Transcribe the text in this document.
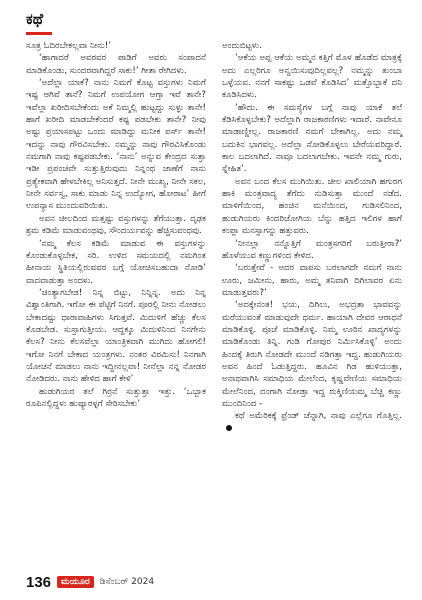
ಕಥೆ

ಸೂತ್ರ ಓದಿರಬೇಕಲ್ಲವಾ ನೀನು!’

‘ಹಾಗಾದರೆ ಅವರವರ ಪಾಡಿಗೆ ಅವರು ಸಂಪಾದನೆ ಮಾಡಿಕೊಂಡು, ಸುಂದರವಾಗಿದ್ದರೆ ಸಾಕು!’ ಗೀತಾ ರೇಗಿದಳು.

‘ಅದೆಲ್ಲಾ ಯಾಕೆ? ನಾನು ನಿಮಗೆ ಕೊಟ್ಟ ವಸ್ತುಗಳು ನಿಮಗೆ ಇಷ್ಟ ಆಗಿವೆ ತಾನೆ? ನಿಮಗೆ ಉಪಯೋಗ ಆಗ್ತಾ ಇವೆ ತಾನೇ? ಇವೆಲ್ಲಾ ಖರೀದಿಸಬೇಕೆಂದು ಅಕೆ ನಿಮ್ಮಲ್ಲಿ ಹುಟ್ಟದ್ದು ಸುಳ್ಳು ತಾನೇ! ಹಾಗೆ ಖರೀದಿ ಮಾಡಬೇಕೆಂದರೆ ಕಷ್ಟ ಪಡಬೇಕು ತಾನೇ? ನೀವು ಅಷ್ಟು ಪ್ರಯಾಸಪಟ್ಟು ಒಂದು ಮಾಡಿದ್ದು ಮನೀಕ ಪರ್ಸ್ ತಾನೇ! ಇದನ್ನು ನಾವು ಗೌರವಿಸಬೇಕು. ನಮ್ಮನ್ನು ನಾವು ಗೌರವಿಸಿಕೊಂಡು ನಮಗಾಗಿ ನಾವು ಕಷ್ಟಪಡಬೇಕು. ‘ನಾನು’ ಅನ್ನುವ ಕೇಂದ್ರದ ಸುತ್ತಾ ಇಡೀ ಪ್ರಪಂಚವೇ ಸುತ್ತುತ್ತಿರುವುದು ನಿನ್ನಂಥ ಜಾಣೆಗೆ ನಾನು ಪ್ರತ್ಯೇಕವಾಗಿ ಹೇಳಬೇಕಿಲ್ಲ ಅನಿಸುತ್ತದೆ. ನೀನೇ ಮುಖ್ಯ, ನೀನೇ ಸಕಲ, ನೀನೇ ಸರ್ವಸ್ವ, ಸಾಕು ಮಾಡು ನಿನ್ನ ಉದ್ಯೋಗ, ಹೋರಾಟ’ ಹೀಗೆ ಉಪನ್ಯಾಸ ಮುಂದುವರಿಯಿತು.

ಅವನ ಚೀಲದಿಂದ ಮತ್ತಷ್ಟು ವಸ್ತುಗಳನ್ನು ತೆಗೆಯುತ್ತಾ. ದೃಢಕ ಶ್ರಮ ಕಡಿಮೆ ಮಾಡುವಂಥವು, ಸೌಂದರ್ಯವನ್ನು ಹೆಚ್ಚಿಸುವಂಥವು.

‘ನಮ್ಮ ಕೆಲಸ ಕಡಿಮೆ ಮಾಡುವ ಈ ವಸ್ತುಗಳನ್ನು ಕೊಂಡುಕೊಳ್ಳಬೇಕ, ಸರಿ. ಉಳಿದ ಸಮಯದಲ್ಲಿ ನಮಗಿಂತ ಹೀನಾಯ ಸ್ಥಿತಿಯಲ್ಲಿರುವವರ ಬಗ್ಗೆ ಯೋಚಿಸಬಹುದಾ ನೋಡಿ’ ವಾದವಾಡುತ್ತಾ ಅಂದಳು.

‘ಚಿಂತ್ಯಾಗಬೇಡ! ನಿನ್ನ ಬಿಟ್ಟು, ನಿನ್ನಿನ್ನ. ಅದು ನಿನ್ನ ವಿಶ್ವಾಂತಿಗಾಗಿ. ಇಗೋ ಈ ಪೆಟ್ಟಿಗೆ ನಿನಗೆ. ಪೂರಲ್ಲಿ ನೀನು ನೋಡಲು ಬೇಕಾದಷ್ಟು ಧಾರಾವಾಹಿಗಳು ಸಿಗುತ್ತವೆ. ಮಿದುಳಿಗೆ ಹೆಚ್ಚು ಕೆಲಸ ಕೊಡಬೇಡ. ಸುಸ್ತಾಗುತ್ತೀಯ. ಆದ್ದಕ್ಕೂ ಮಿದುಳಿನಿಂದ ನಿನಗೇನು ಕೆಲಸ? ನೀನು ಕೆಲಸವೆಲ್ಲಾ ಯಾಂತ್ರಿಕವಾಗಿ ಮುಗಿದು ಹೋಗಲಿ! ಇಗೋ ನಿನಗೆ ಬೇಕಾದ ಯಂತ್ರಗಳು. ನಂತರ ವಿರಮಿಸು! ನಿನಗಾಗಿ ಯೋಚನೆ ಮಾಡಲು ನಾನು ಇದ್ದೀನಲ್ಲವಾ! ನೀನೆಲ್ಲಾ ನನ್ನ ನೋಡರ ನೋಡಿದರು. ನಾನು ಹೇಳಿದ ಹಾಗೆ ಕೇಳಿ’

ಹುಡುಗಿಯರ ತಲೆ ಗಿರ್ರನೆ ಸುತ್ತುತ್ತಾ ಇತ್ತು. ‘ಒಬ್ಬಾಕ ರೂಪಿನಲ್ಲಿದ್ದಳು ಹುಷ್ಯಾರಳ್ಳಗೆ ಸೇರಿಸಬೇಕು’

ಅಂದುಬಿಟ್ಟಳು.

‘ಆಕೆಯ ಅಪ್ಪ ಆಕೆಯ ಅಮ್ಮನ ಕತ್ತಿಗೆ ಮೊಳ ಹೊಡೆದ ಮಾತ್ರಕ್ಕೆ ಅದು ಎಲ್ಲರಿಗೂ ಅನ್ವಯಿಸುವುದಿಲ್ಲವಲ್ಲ? ನಮ್ಮನ್ನು ತುಂಬಾ ಒಳ್ಳೆಯವ. ನನಗೆ ಸಾಕಷ್ಟು ಒಡವೆ ಕೊಡಿಸಿದ’ ಮತ್ತೊಬ್ಬಾಕೆ ದನಿ ಕೂಡಿಸಿದಳು.

‘ಹೌದು. ಈ ಸಮಸ್ಯೆಗಳ ಬಗ್ಗೆ ನಾವು ಯಾಕೆ ತಲೆ ಕೆಡಿಸಿಕೊಳ್ಳಬೇಕು? ಅದೆಲ್ಲಾಗಿ ರಾಜಕಾರಣಿಗಳು ಇದಾರೆ. ನಾವೇನೂ ಮಾಡಾಣ್ಣೀಲ್ಲ. ರಾಜಕಾರಣಿ ನಮಗೆ ಬೇಕಾಗಿಲ್ಲ. ಅದು ನಮ್ಮ ಬದುಕಿನ ಭಾಗವಲ್ಲ. ಅದೆಲ್ಲಾ ನೋಡಿಕೊಳ್ಳಲು ಬೇರೆಯವರಿದ್ದಾರೆ. ಕಾಲ ಬದಲಾಗಿದೆ. ನಾವೂ ಬದಲಾಗಬೇಕು. ಇವನೇ ನಮ್ಮ ಗುರು, ಸ್ನೇಹಿತ’.

ಅವನ ಬಂದ ಕೆಲಸ ಮುಗಿಯಿತು. ಚೀಲ ಖಾಲಿಯಾಗಿ ಹಗುರಗ ಹಾಕಿ ಮಂತ್ರವಾದ್ಯ ತೆಗೆದು ನುಡಿಸುತ್ತಾ ಮುಂದೆ ನಡೆದ. ಮಾಳಿಗೆಯಿಂದ, ಹಂಚಿನ ಮನೆಯಿಂದ, ಗುಡಿಸಲಿನಿಂದ, ಹುಡುಗಿಯರು ಕಿಂದರಿಜೋಗಿಯ ಬೆನ್ನು ಹತ್ತಿದ ಇಲಿಗಳ ಹಾಗೆ ಕಂಪ್ಲಾ ಮನಸ್ಸಾಗನ್ನು ಹತ್ತುವರು.

‘ನೀನಲ್ಲಾ ನನ್ನೊತ್ತಿಗೆ ಮಂತ್ರಸಗರಿಗೆ ಬರುತ್ತೀರಾ?’ ಹೊಳೆಯುವ ಕಣ್ಣುಗಳಿಂದ ಕೇಳಿದ.

‘ಬರುತ್ತೇವೆ - ಅದರ ವಾಪಸು ಬರಲಾಗದೇ ನಮಗೆ ನಾನು ಊರು, ಜಮೀನು, ಹಾರು, ಅಮ್ಮ ತನಿವಾಗಿ ದಿಗಿಲಾವರ ಏನು ಮಾಡುತ್ತವರು?’

‘ಅದಕ್ಕೇನಂತ! ಭಯ, ದಿಗಿಲು, ಅಭದ್ರತಾ ಭಾವವನ್ನು ಮರೆಯುವಂತೆ ಮಾಡುವುದೇ ಧರ್ಮ. ಹಾಯಾಗಿ ದೇವರ ಆರಾಧನೆ ಮಾಡಿಕೊಳ್ಳಿ. ಪೂಜೆ ಮಾಡಿಕೊಳ್ಳಿ. ನಿಮ್ಮ ಊರಿನ ಖಾದ್ಯಗಳನ್ನು ಮಾಡಿಕೊಂಡು ತಿನ್ನಿ. ಗುಡಿ ಗೋಪುರ ನಿರ್ಮಿಸಿಕೊಳ್ಳಿ’ ಅಂದು ಹಿಂದಕ್ಕೆ ತಿರುಗಿ ನೋಡದೇ ಮುಂದೆ ನಡಿಗತ್ತಾ ಇದ್ದ. ಹುಡುಗಿಯರು ಅವನ ಹಿಂದೆ ಓಡುತ್ತಿದ್ದರು. ಹೂವಿನ ಗಿಡ ಹುಳಿಯುತ್ತಾ, ಅನಾಥವಾಗಿಸಿ ಸಮಾಧಿಯ ಮೇಲೆಂದ, ಕೃಷ್ಣವೇಣಿಯ ಸಮಾಧಿಯ ಮೇಲೆನಿಂದ, ದಂಗಾಗಿ ನೋಡ್ತಾ ಇದ್ದ ರುಕ್ಮಿಣಿಯಮ್ಮ ಬೆಚ್ಚಿ ಕಣ್ಣು ಮುಂದಿನಿಂದ -

ಕಥೆ ಅಮೆರಿಕಕ್ಕೆ ಫ್ರೆಂಡ್ ಚೆನ್ನಾಗಿ, ನಾವು ಎಲ್ಲೆಗೂ ಗೊತ್ತಿಲ್ಲ.

136	ಮಯೂರ	ಡಿಸೆಂಬರ್ 2024
